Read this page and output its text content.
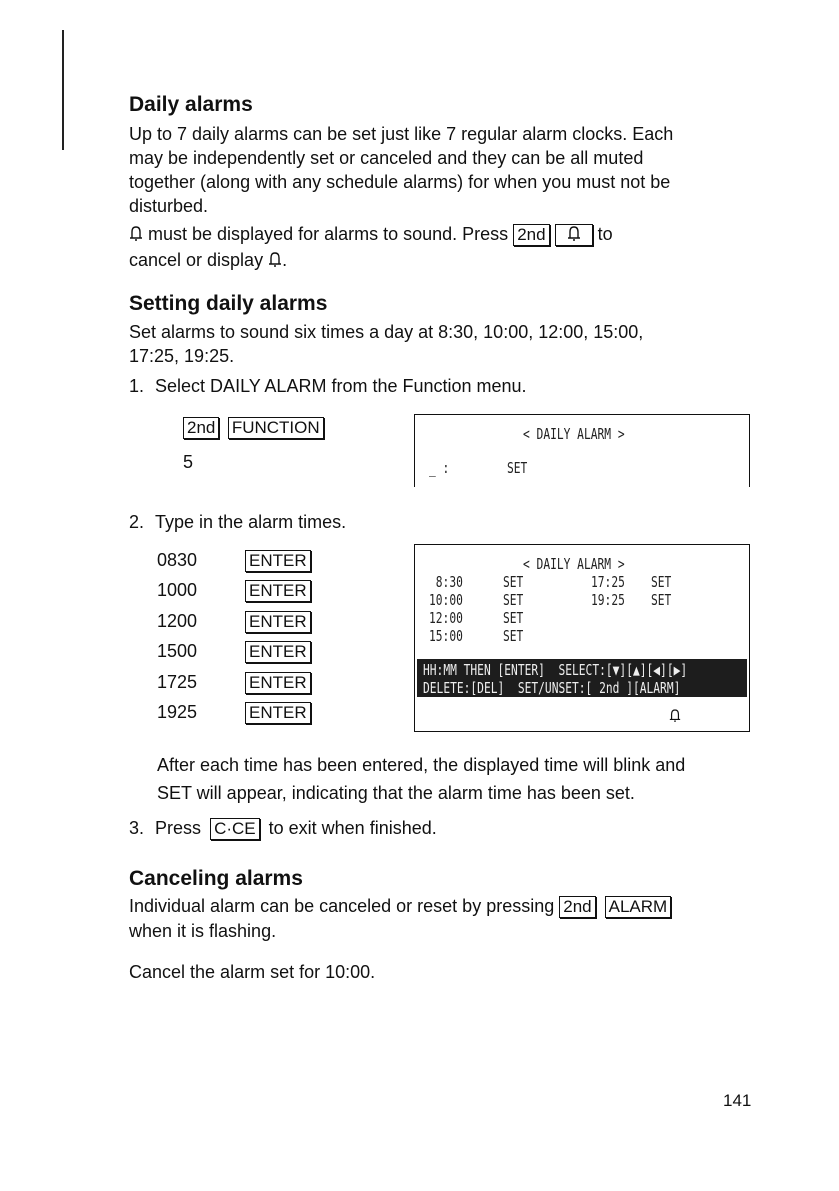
Daily alarms

Up to 7 daily alarms can be set just like 7 regular alarm clocks. Each

may be independently set or canceled and they can be all muted

together (along with any schedule alarms) for when you must not be

disturbed.

must be displayed for alarms to sound. Press 2nd	to
cancel or display .
Setting daily alarms

Set alarms to sound six times a day at 8:30, 10:00, 12:00, 15:00,

17:25, 19:25.

1. Select DAILY ALARM from the Function menu.
2nd FUNCTION
5
< DAILY ALARM >
_ :	SET
2. Type in the alarm times.
0830	ENTER
1000	ENTER
1200	ENTER
1500	ENTER
1725	ENTER
1925	ENTER
< DAILY ALARM >
8:30	SET	17:25 SET
10:00	SET	19:25 SET
12:00	SET
15:00	SET
HH:MM THEN [ENTER]  SELECT:[▼][▲][◀][▶]
DELETE:[DEL]  SET/UNSET:[ 2nd ][ALARM]

After each time has been entered, the displayed time will blink and

SET will appear, indicating that the alarm time has been set.

3. Press C·CE to exit when finished.
Canceling alarms
Individual alarm can be canceled or reset by pressing 2nd ALARM
when it is flashing.
Cancel the alarm set for 10:00.
141
